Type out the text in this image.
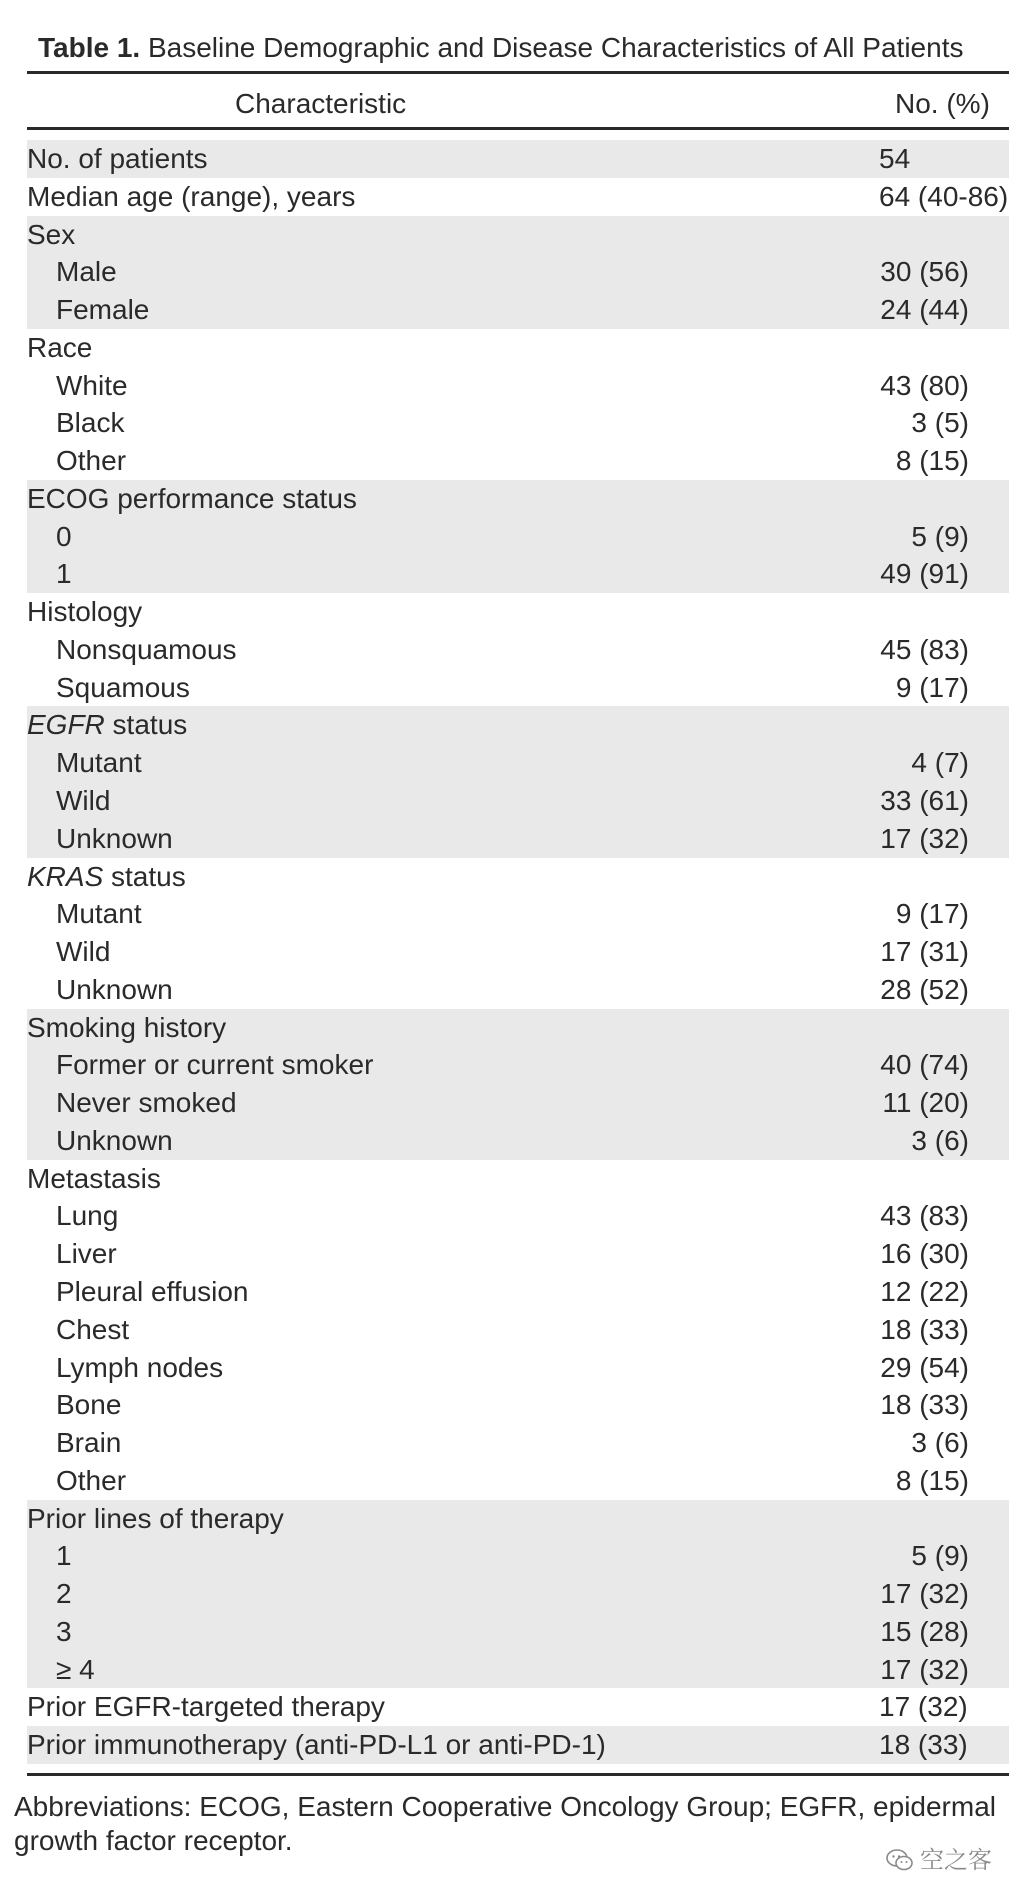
Table 1. Baseline Demographic and Disease Characteristics of All Patients
Characteristic	No. (%)
No. of patients	54
Median age (range), years	64 (40-86)
Sex
Male	30 (56)
Female	24 (44)
Race
White	43 (80)
Black	3 (5)
Other	8 (15)
ECOG performance status
0	5 (9)
1	49 (91)
Histology
Nonsquamous	45 (83)
Squamous	9 (17)
EGFR status
Mutant	4 (7)
Wild	33 (61)
Unknown	17 (32)
KRAS status
Mutant	9 (17)
Wild	17 (31)
Unknown	28 (52)
Smoking history
Former or current smoker	40 (74)
Never smoked	11 (20)
Unknown	3 (6)
Metastasis
Lung	43 (83)
Liver	16 (30)
Pleural effusion	12 (22)
Chest	18 (33)
Lymph nodes	29 (54)
Bone	18 (33)
Brain	3 (6)
Other	8 (15)
Prior lines of therapy
1	5 (9)
2	17 (32)
3	15 (28)
≥ 4	17 (32)
Prior EGFR-targeted therapy	17 (32)
Prior immunotherapy (anti-PD-L1 or anti-PD-1)	18 (33)
Abbreviations: ECOG, Eastern Cooperative Oncology Group; EGFR, epidermal growth factor receptor.
空之客
